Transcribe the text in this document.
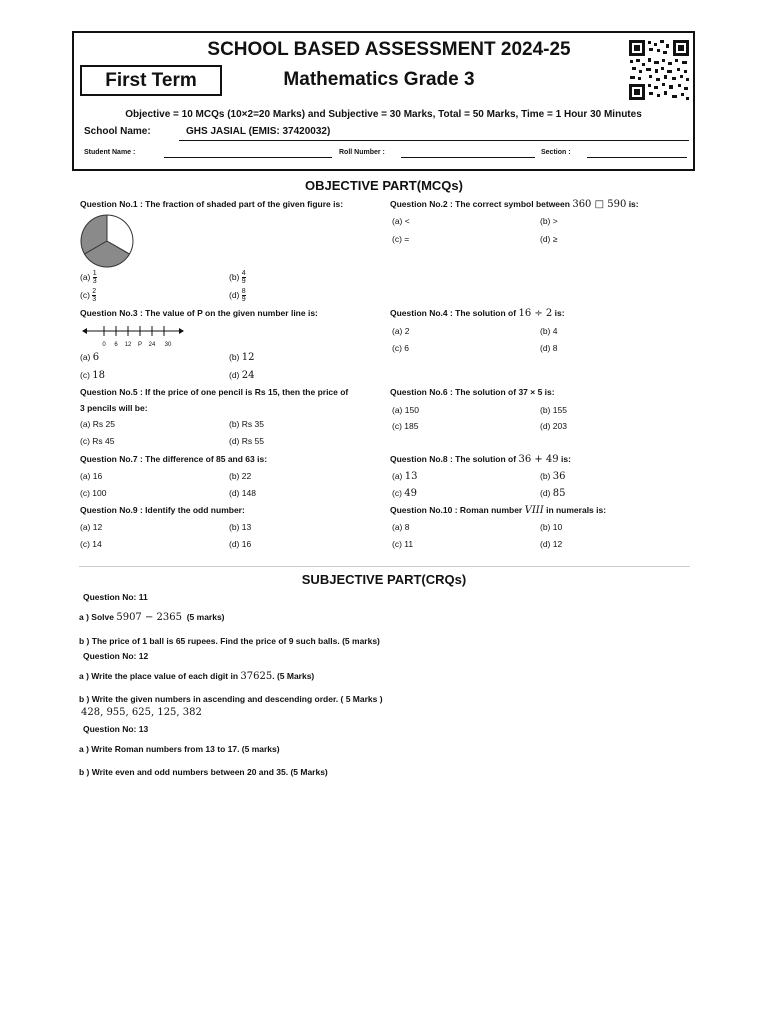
SCHOOL BASED ASSESSMENT 2024-25
First Term	Mathematics Grade 3
Objective = 10 MCQs (10×2=20 Marks) and Subjective = 30 Marks, Total = 50 Marks, Time = 1 Hour 30 Minutes
School Name:	GHS JASIAL (EMIS: 37420032)
Student Name :	Roll Number :	Section :
OBJECTIVE PART(MCQs)
Question No.1 : The fraction of shaded part of the given figure is:
$(a) \frac{1}{3}$	$(b) \frac{4}{9}$
$(c) \frac{2}{3}$	$(d) \frac{8}{9}$
Question No.2 : The correct symbol between 360 □ 590 is:
(a) <	(b) >
(c) =	(d) ≥
Question No.3 : The value of P on the given number line is:
0 6 12 P 24 30
(a) 6	(b) 12
(c) 18	(d) 24
Question No.4 : The solution of 16 ÷ 2 is:
(a) 2	(b) 4
(c) 6	(d) 8
Question No.5 : If the price of one pencil is Rs 15, then the price of
3 pencils will be:
(a) Rs 25	(b) Rs 35
(c) Rs 45	(d) Rs 55
Question No.6 : The solution of 37 × 5 is:
(a) 150	(b) 155
(c) 185	(d) 203
Question No.7 : The difference of 85 and 63 is:
(a) 16	(b) 22
(c) 100	(d) 148
Question No.8 : The solution of 36 + 49 is:
(a) 13	(b) 36
(c) 49	(d) 85
Question No.9 : Identify the odd number:
(a) 12	(b) 13
(c) 14	(d) 16
Question No.10 : Roman number VIII in numerals is:
(a) 8	(b) 10
(c) 11	(d) 12
SUBJECTIVE PART(CRQs)
Question No: 11
a ) Solve 5907 − 2365 (5 marks)
b ) The price of 1 ball is 65 rupees. Find the price of 9 such balls. (5 marks)
Question No: 12
a ) Write the place value of each digit in 37625. (5 Marks)
b ) Write the given numbers in ascending and descending order. ( 5 Marks )
428, 955, 625, 125, 382
Question No: 13
a ) Write Roman numbers from 13 to 17. (5 marks)
b ) Write even and odd numbers between 20 and 35. (5 Marks)
